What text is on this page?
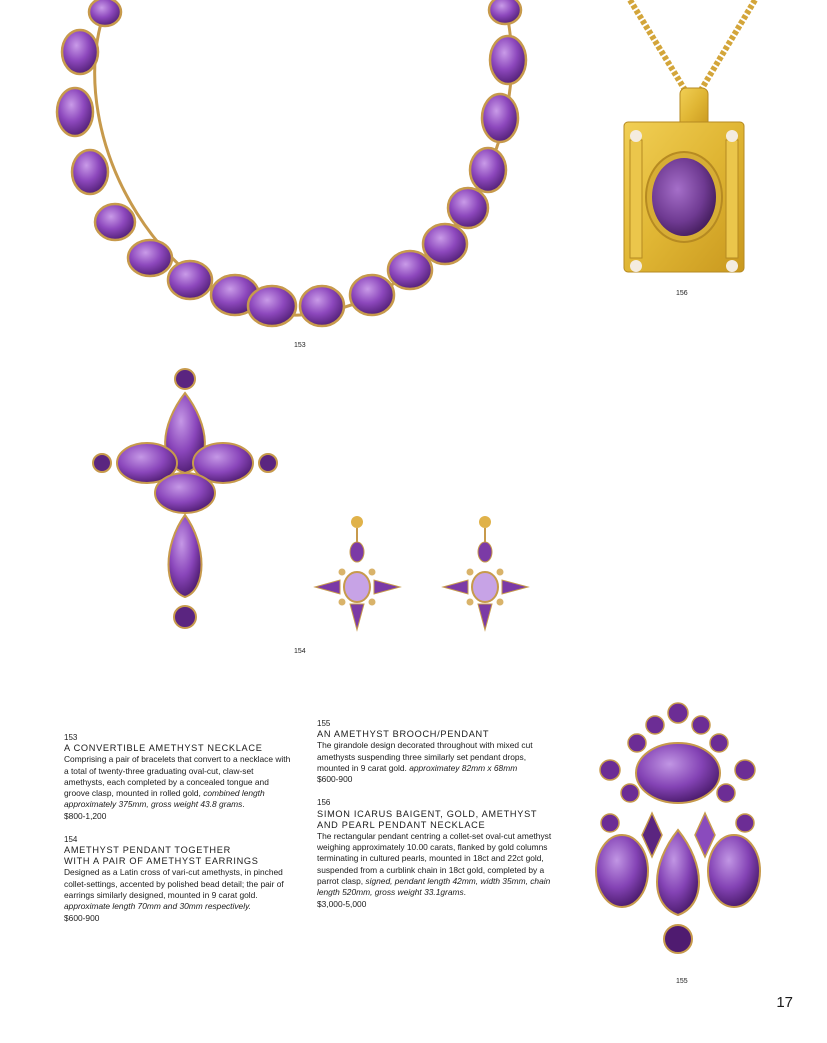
153
156
154
155
153
A CONVERTIBLE AMETHYST NECKLACE
Comprising a pair of bracelets that convert to a necklace with a total of twenty-three graduating oval-cut, claw-set amethysts, each completed by a concealed tongue and groove clasp, mounted in rolled gold, combined length approximately 375mm, gross weight 43.8 grams.
$800-1,200
154
AMETHYST PENDANT TOGETHER
WITH A PAIR OF AMETHYST EARRINGS
Designed as a Latin cross of vari-cut amethysts, in pinched collet-settings, accented by polished bead detail; the pair of earrings similarly designed, mounted in 9 carat gold. approximate length 70mm and 30mm respectively.
$600-900
155
AN AMETHYST BROOCH/PENDANT
The girandole design decorated throughout with mixed cut amethysts suspending three similarly set pendant drops, mounted in 9 carat gold. approximatey 82mm x 68mm
$600-900
156
SIMON ICARUS BAIGENT, GOLD, AMETHYST
AND PEARL PENDANT NECKLACE
The rectangular pendant centring a collet-set oval-cut amethyst weighing approximately 10.00 carats, flanked by gold columns terminating in cultured pearls, mounted in 18ct and 22ct gold, suspended from a curblink chain in 18ct gold, completed by a parrot clasp, signed, pendant length 42mm, width 35mm, chain length 520mm, gross weight 33.1grams.
$3,000-5,000
17
